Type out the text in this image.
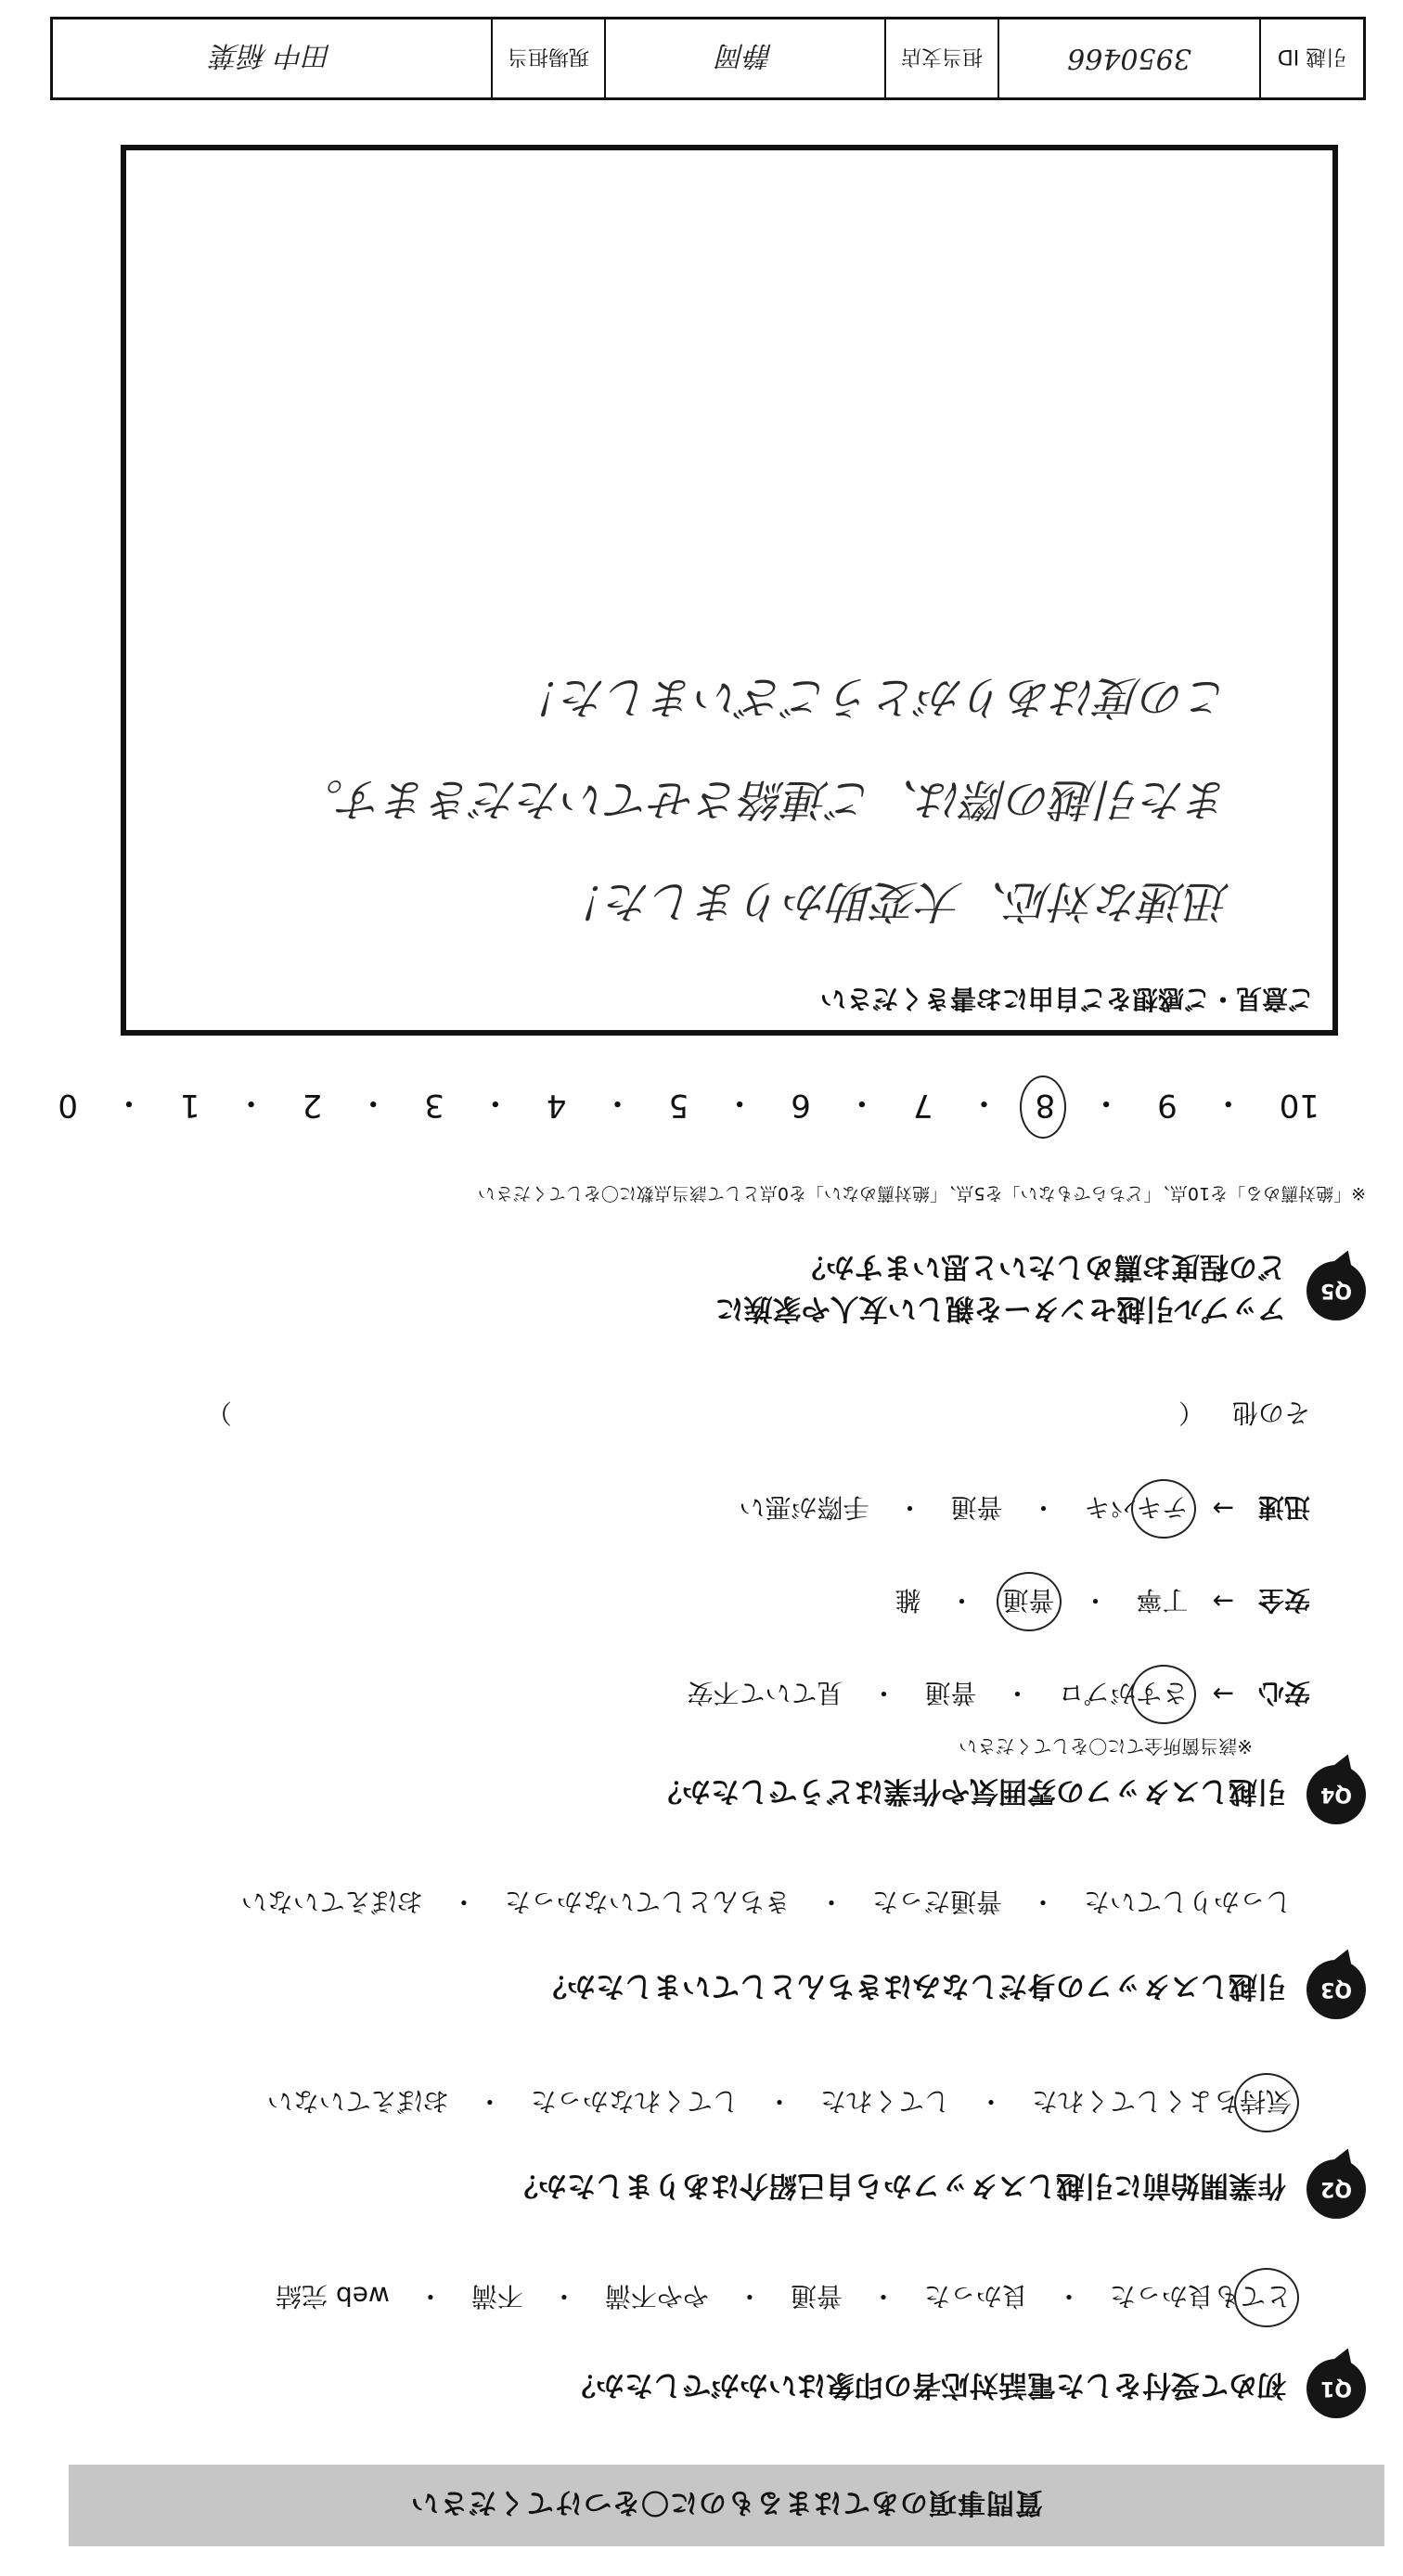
質問事項のあてはまるものに〇をつけてください
Q1
初めて受付をした電話対応者の印象はいかがでしたか？
とても良かった
・
良かった
・
普通
・
やや不満
・
不満
・
web 完結
Q2
作業開始前に引越しスタッフから自己紹介はありましたか？
気持ちよくしてくれた
・
してくれた
・
してくれなかった
・
おぼえていない
Q3
引越しスタッフの身だしなみはきちんとしていましたか？
しっかりしていた
・
普通だった
・
きちんとしていなかった
・
おぼえていない
Q4
引越しスタッフの雰囲気や作業はどうでしたか？
※該当箇所全てに〇をしてください
安心
→
さすがプロ
・
普通
・
見ていて不安
安全
→
丁寧
・
普通
・
雑
迅速
→
テキパキ
・
普通
・
手際が悪い
その他
（
）
Q5
アップル引越センターを親しい友人や家族に
どの程度お薦めしたいと思いますか？
※「絶対薦める」を10点、「どちらでもない」を5点、「絶対薦めない」を0点として該当点数に〇をしてください
10
・
9
・
8
・
7
・
6
・
5
・
4
・
3
・
2
・
1
・
0
ご意見・ご感想をご自由にお書きください
迅速な対応、大変助かりました！
また引越の際は、ご連絡させていただきます。
この度はありがとうございました！
引越 ID
3950466
担当支店
静岡
現場担当
田中 稲葉
